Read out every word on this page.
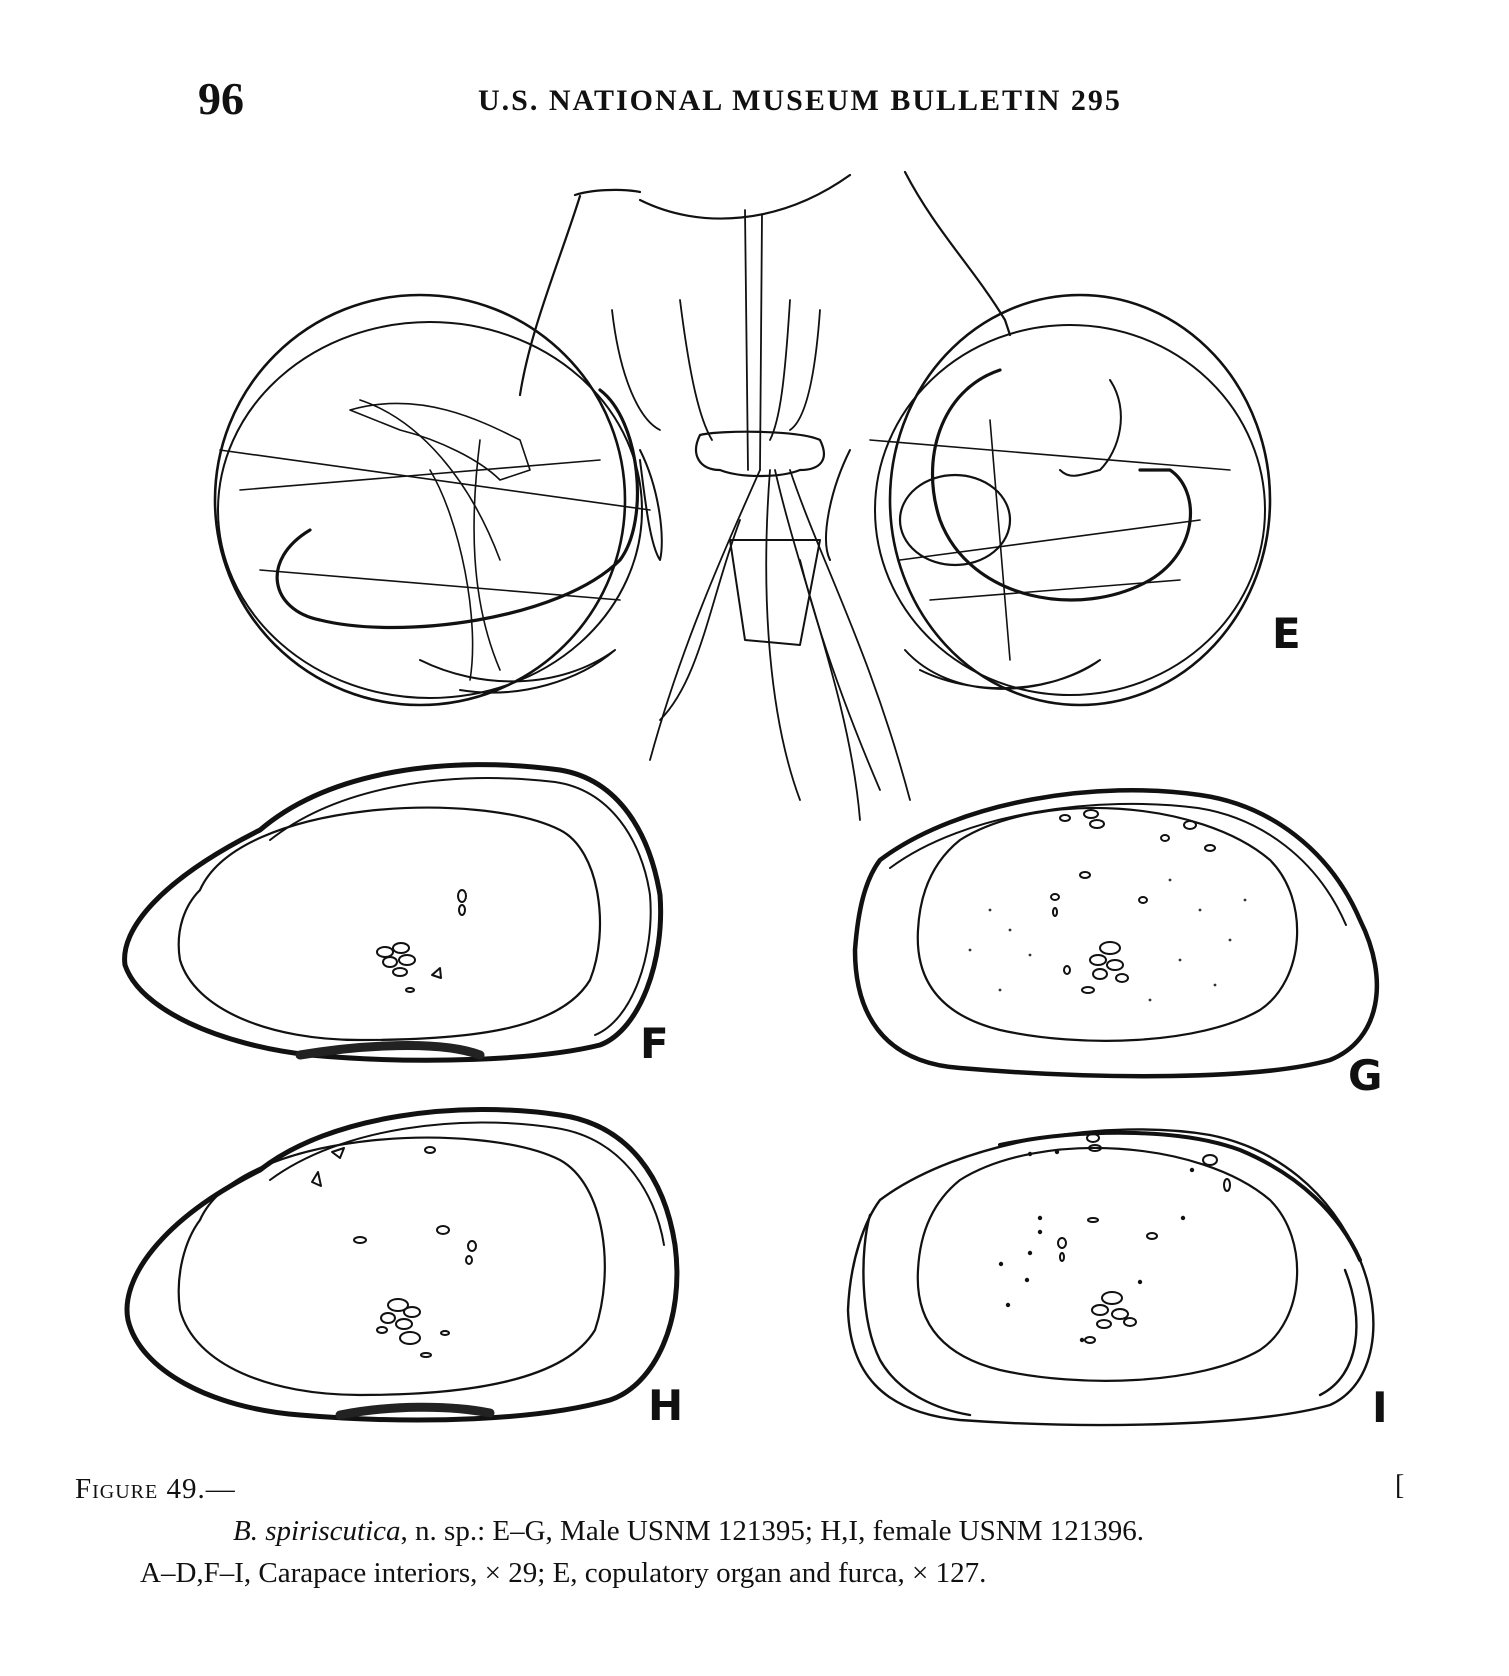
96	U.S. NATIONAL MUSEUM BULLETIN 295
E
F
G
H	I
Figure 49.—
B. spiriscutica, n. sp.: E–G, Male USNM 121395; H,I, female USNM 121396.
A–D,F–I, Carapace interiors, × 29; E, copulatory organ and furca, × 127.
[
